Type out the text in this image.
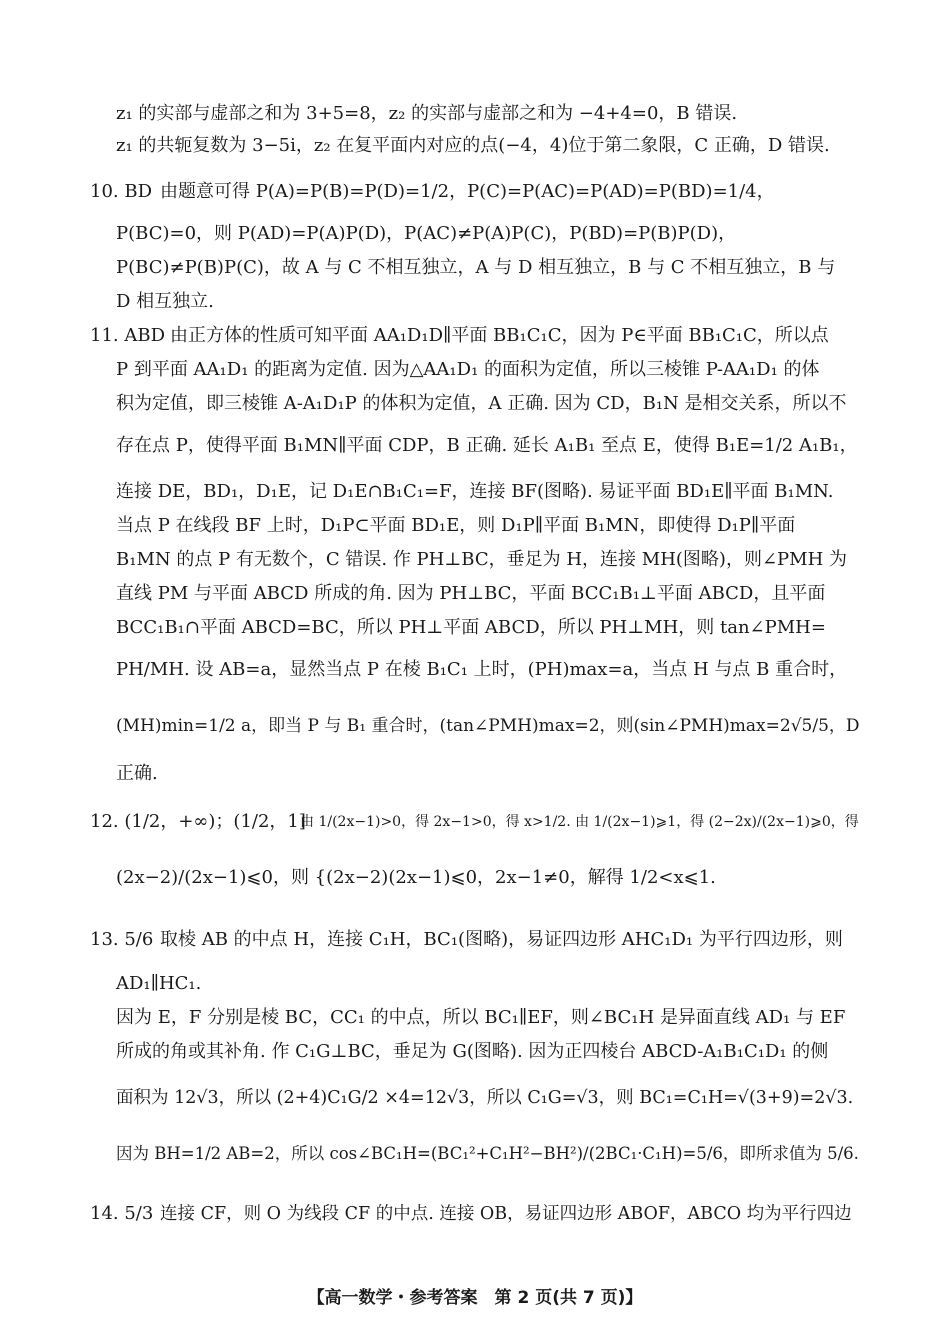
z₁ 的实部与虚部之和为 3+5=8，z₂ 的实部与虚部之和为 −4+4=0，B 错误.
z₁ 的共轭复数为 3−5i，z₂ 在复平面内对应的点(−4，4)位于第二象限，C 正确，D 错误.
10. BD 由题意可得 P(A)=P(B)=P(D)=1/2，P(C)=P(AC)=P(AD)=P(BD)=1/4，
P(BC)=0，则 P(AD)=P(A)P(D)，P(AC)≠P(A)P(C)，P(BD)=P(B)P(D)，
P(BC)≠P(B)P(C)，故 A 与 C 不相互独立，A 与 D 相互独立，B 与 C 不相互独立，B 与
D 相互独立.
11. ABD 由正方体的性质可知平面 AA₁D₁D∥平面 BB₁C₁C，因为 P∈平面 BB₁C₁C，所以点
P 到平面 AA₁D₁ 的距离为定值. 因为△AA₁D₁ 的面积为定值，所以三棱锥 P-AA₁D₁ 的体
积为定值，即三棱锥 A-A₁D₁P 的体积为定值，A 正确. 因为 CD，B₁N 是相交关系，所以不
存在点 P，使得平面 B₁MN∥平面 CDP，B 正确. 延长 A₁B₁ 至点 E，使得 B₁E=1/2 A₁B₁，
连接 DE，BD₁，D₁E，记 D₁E∩B₁C₁=F，连接 BF(图略). 易证平面 BD₁E∥平面 B₁MN.
当点 P 在线段 BF 上时，D₁P⊂平面 BD₁E，则 D₁P∥平面 B₁MN，即使得 D₁P∥平面
B₁MN 的点 P 有无数个，C 错误. 作 PH⊥BC，垂足为 H，连接 MH(图略)，则∠PMH 为
直线 PM 与平面 ABCD 所成的角. 因为 PH⊥BC，平面 BCC₁B₁⊥平面 ABCD，且平面
BCC₁B₁∩平面 ABCD=BC，所以 PH⊥平面 ABCD，所以 PH⊥MH，则 tan∠PMH=
PH/MH. 设 AB=a，显然当点 P 在棱 B₁C₁ 上时，(PH)max=a，当点 H 与点 B 重合时，
(MH)min=1/2 a，即当 P 与 B₁ 重合时，(tan∠PMH)max=2，则(sin∠PMH)max=2√5/5，D
正确.
12. (1/2，+∞)；(1/2，1]
由 1/(2x−1)>0，得 2x−1>0，得 x>1/2. 由 1/(2x−1)⩾1，得 (2−2x)/(2x−1)⩾0，得
(2x−2)/(2x−1)⩽0，则 {(2x−2)(2x−1)⩽0，2x−1≠0，解得 1/2<x⩽1.
13. 5/6 取棱 AB 的中点 H，连接 C₁H，BC₁(图略)，易证四边形 AHC₁D₁ 为平行四边形，则
AD₁∥HC₁.
因为 E，F 分别是棱 BC，CC₁ 的中点，所以 BC₁∥EF，则∠BC₁H 是异面直线 AD₁ 与 EF
所成的角或其补角. 作 C₁G⊥BC，垂足为 G(图略). 因为正四棱台 ABCD-A₁B₁C₁D₁ 的侧
面积为 12√3，所以 (2+4)C₁G/2 ×4=12√3，所以 C₁G=√3，则 BC₁=C₁H=√(3+9)=2√3.
因为 BH=1/2 AB=2，所以 cos∠BC₁H=(BC₁²+C₁H²−BH²)/(2BC₁·C₁H)=5/6，即所求值为 5/6.
14. 5/3 连接 CF，则 O 为线段 CF 的中点. 连接 OB，易证四边形 ABOF，ABCO 均为平行四边
【高一数学・参考答案　第 2 页(共 7 页)】
